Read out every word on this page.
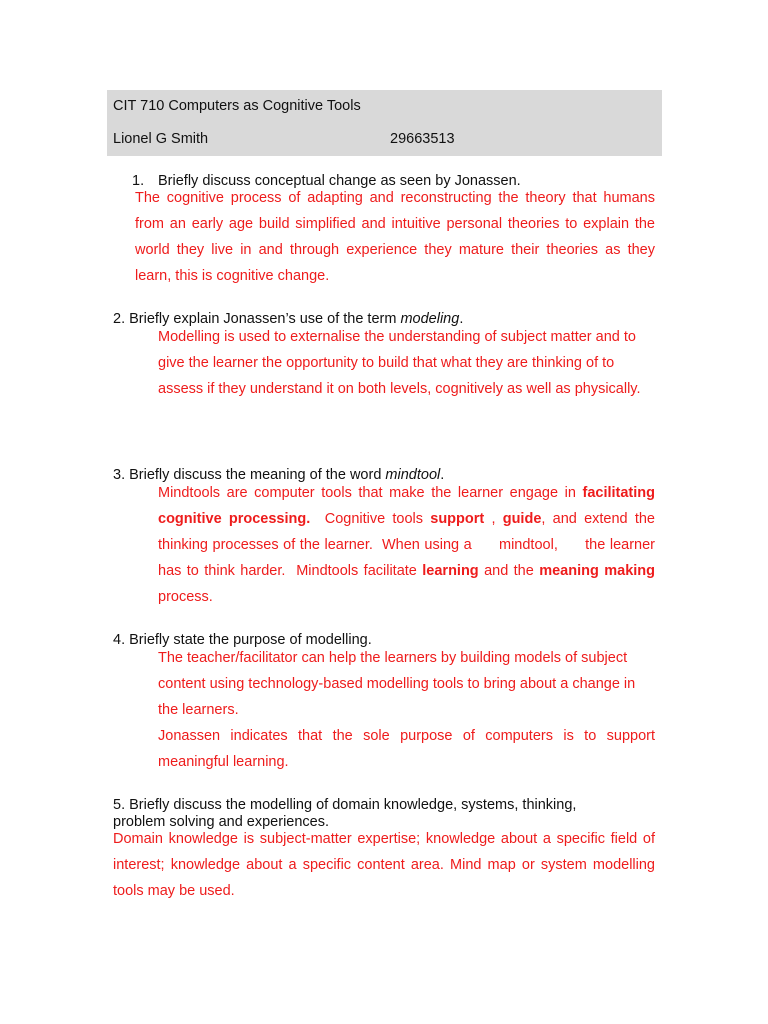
CIT 710 Computers as Cognitive Tools
Lionel G Smith	29663513
1. Briefly discuss conceptual change as seen by Jonassen.
The cognitive process of adapting and reconstructing the theory that humans from an early age build simplified and intuitive personal theories to explain the world they live in and through experience they mature their theories as they learn, this is cognitive change.
2. Briefly explain Jonassen’s use of the term modeling.
Modelling is used to externalise the understanding of subject matter and to give the learner the opportunity to build that what they are thinking of to assess if they understand it on both levels, cognitively as well as physically.
3. Briefly discuss the meaning of the word mindtool.
Mindtools are computer tools that make the learner engage in facilitating cognitive processing.  Cognitive tools support , guide, and extend the thinking processes of the learner.  When using a      mindtool,      the learner has to think harder.  Mindtools facilitate learning and the meaning making process.
4. Briefly state the purpose of modelling.
The teacher/facilitator can help the learners by building models of subject content using technology-based modelling tools to bring about a change in the learners.
Jonassen indicates that the sole purpose of computers is to support meaningful learning.
5. Briefly discuss the modelling of domain knowledge, systems, thinking,
problem solving and experiences.
Domain knowledge is subject-matter expertise; knowledge about a specific field of interest; knowledge about a specific content area. Mind map or system modelling tools may be used.
